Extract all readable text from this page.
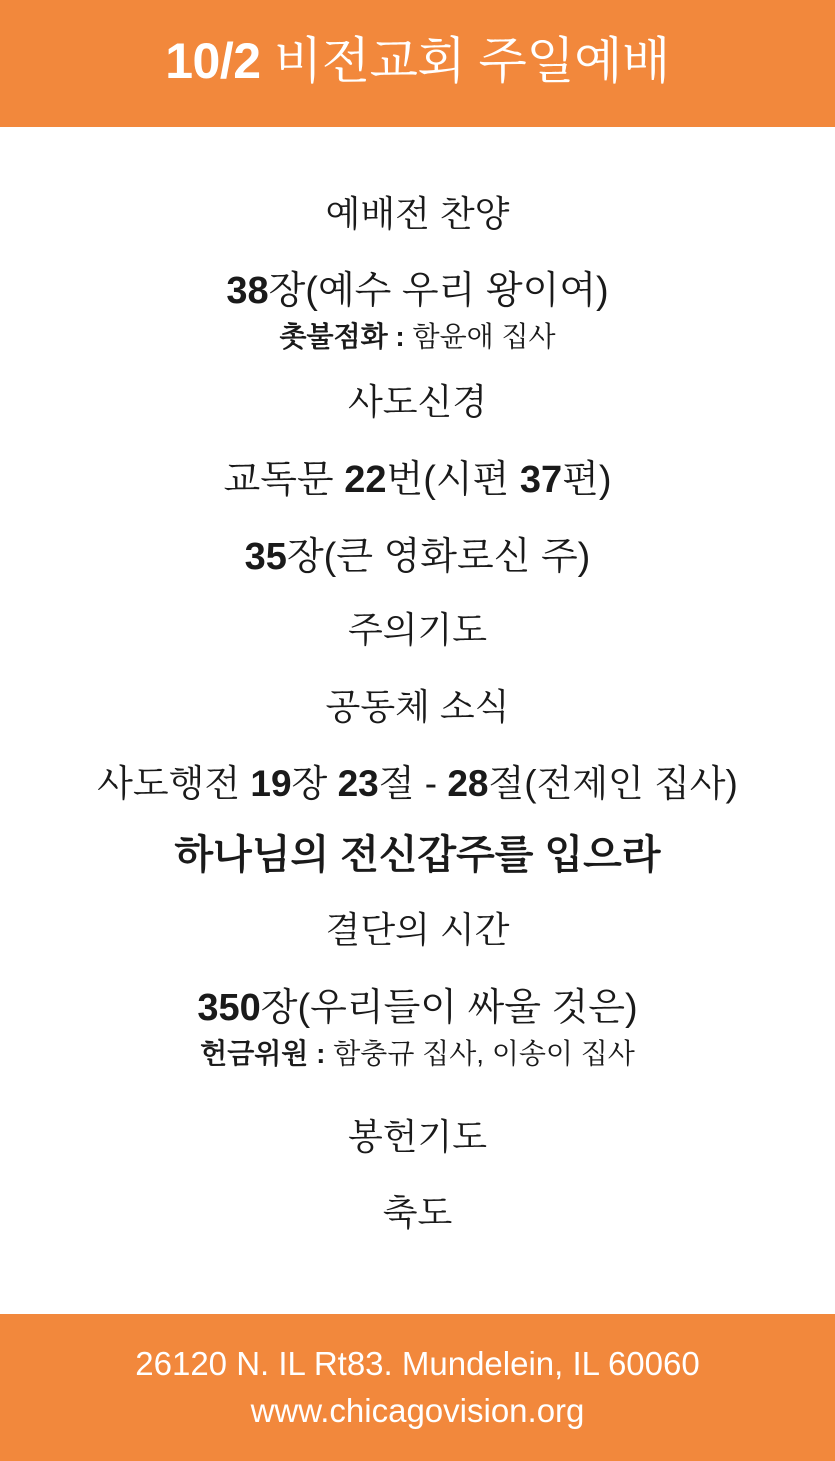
10/2 비전교회 주일예배
예배전 찬양
38장(예수 우리 왕이여)
촛불점화 : 함윤애 집사
사도신경
교독문 22번(시편 37편)
35장(큰 영화로신 주)
주의기도
공동체 소식
사도행전 19장 23절 - 28절(전제인 집사)
하나님의 전신갑주를 입으라
결단의 시간
350장(우리들이 싸울 것은)
헌금위원 : 함충규 집사, 이송이 집사
봉헌기도
축도
26120 N. IL Rt83. Mundelein, IL 60060
www.chicagovision.org
